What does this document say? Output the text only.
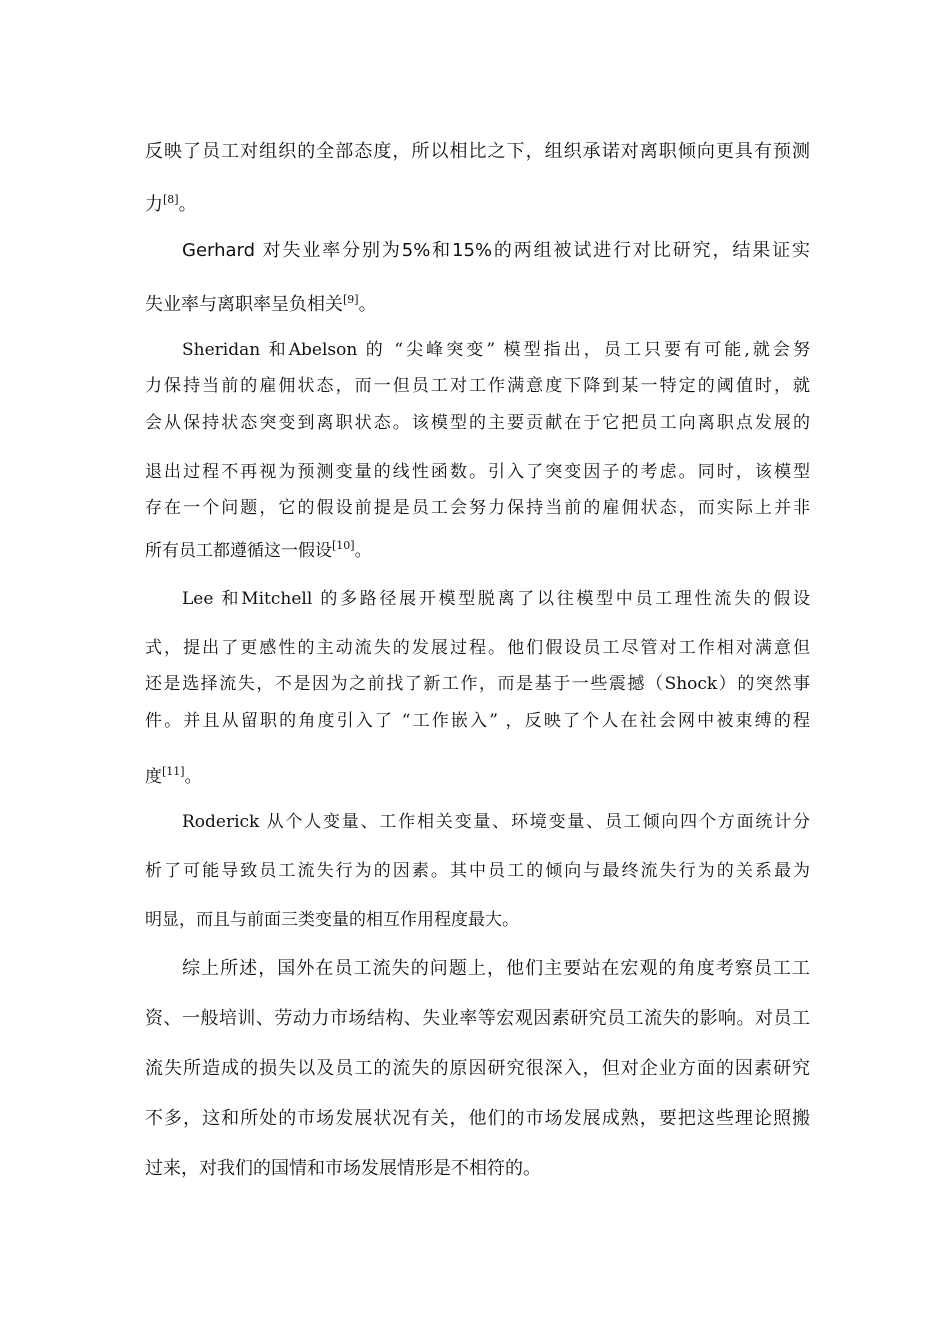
反映了员工对组织的全部态度，所以相比之下，组织承诺对离职倾向更具有预测
力[8]。
Gerhard 对失业率分别为5%和15%的两组被试进行对比研究，结果证实
失业率与离职率呈负相关[9]。
Sheridan 和Abelson 的 “尖峰突变” 模型指出，员工只要有可能,就会努
力保持当前的雇佣状态，而一但员工对工作满意度下降到某一特定的阈值时，就
会从保持状态突变到离职状态。该模型的主要贡献在于它把员工向离职点发展的
退出过程不再视为预测变量的线性函数。引入了突变因子的考虑。同时，该模型
存在一个问题，它的假设前提是员工会努力保持当前的雇佣状态，而实际上并非
所有员工都遵循这一假设[10]。
Lee 和Mitchell 的多路径展开模型脱离了以往模型中员工理性流失的假设
式，提出了更感性的主动流失的发展过程。他们假设员工尽管对工作相对满意但
还是选择流失，不是因为之前找了新工作，而是基于一些震撼（Shock）的突然事
件。并且从留职的角度引入了 “工作嵌入” ，反映了个人在社会网中被束缚的程
度[11]。
Roderick 从个人变量、工作相关变量、环境变量、员工倾向四个方面统计分
析了可能导致员工流失行为的因素。其中员工的倾向与最终流失行为的关系最为
明显，而且与前面三类变量的相互作用程度最大。
综上所述，国外在员工流失的问题上，他们主要站在宏观的角度考察员工工
资、一般培训、劳动力市场结构、失业率等宏观因素研究员工流失的影响。对员工
流失所造成的损失以及员工的流失的原因研究很深入，但对企业方面的因素研究
不多，这和所处的市场发展状况有关，他们的市场发展成熟，要把这些理论照搬
过来，对我们的国情和市场发展情形是不相符的。
